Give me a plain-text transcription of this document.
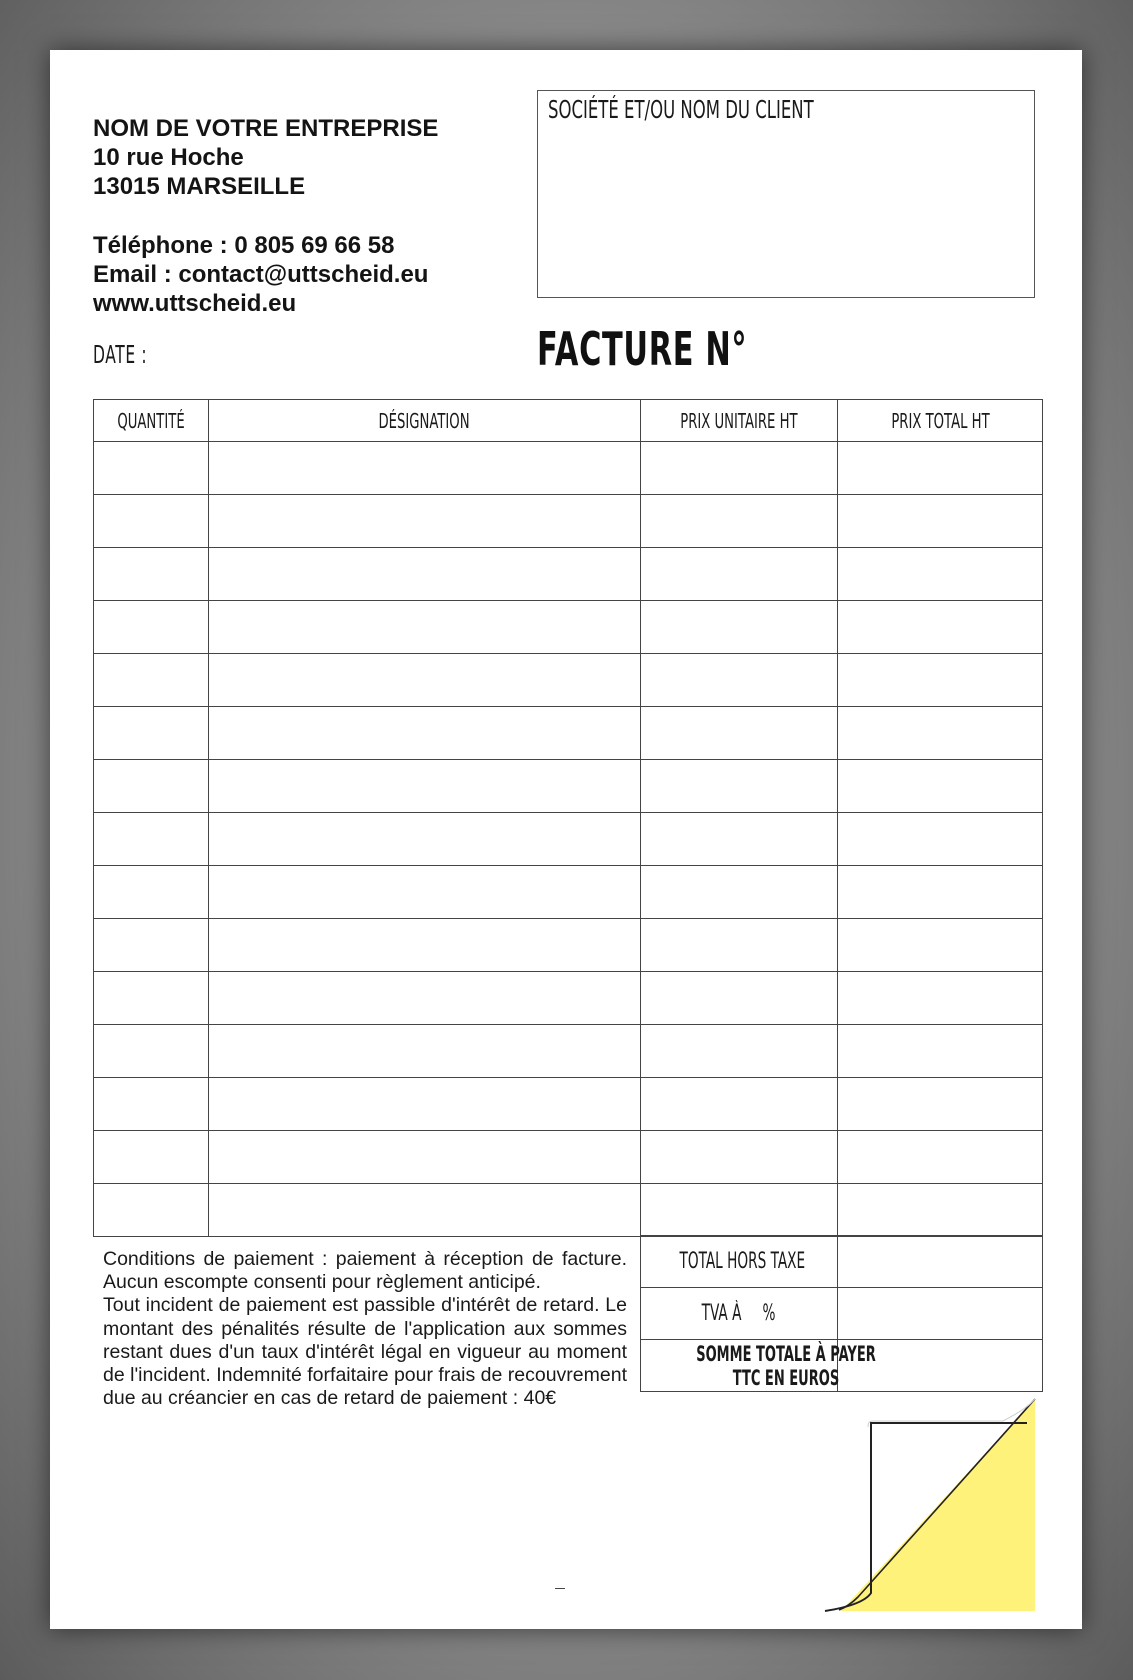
NOM DE VOTRE ENTREPRISE
10 rue Hoche
13015 MARSEILLE
Téléphone : 0 805 69 66 58
Email : contact@uttscheid.eu
www.uttscheid.eu
DATE :
SOCIÉTÉ ET/OU NOM DU CLIENT
FACTURE N°
QUANTITÉ	DÉSIGNATION	PRIX UNITAIRE HT	PRIX TOTAL HT

Conditions de paiement : paiement à réception de facture. Aucun escompte consenti pour règlement anticipé.

Tout incident de paiement est passible d'intérêt de retard. Le montant des pénalités résulte de l'application aux sommes restant dues d'un taux d'intérêt légal en vigueur au moment de l'incident. Indemnité forfaitaire pour frais de recouvrement due au créancier en cas de retard de paiement : 40€

TOTAL HORS TAXE	
TVA À %	
SOMME TOTALE À PAYER TTC EN EUROS	
